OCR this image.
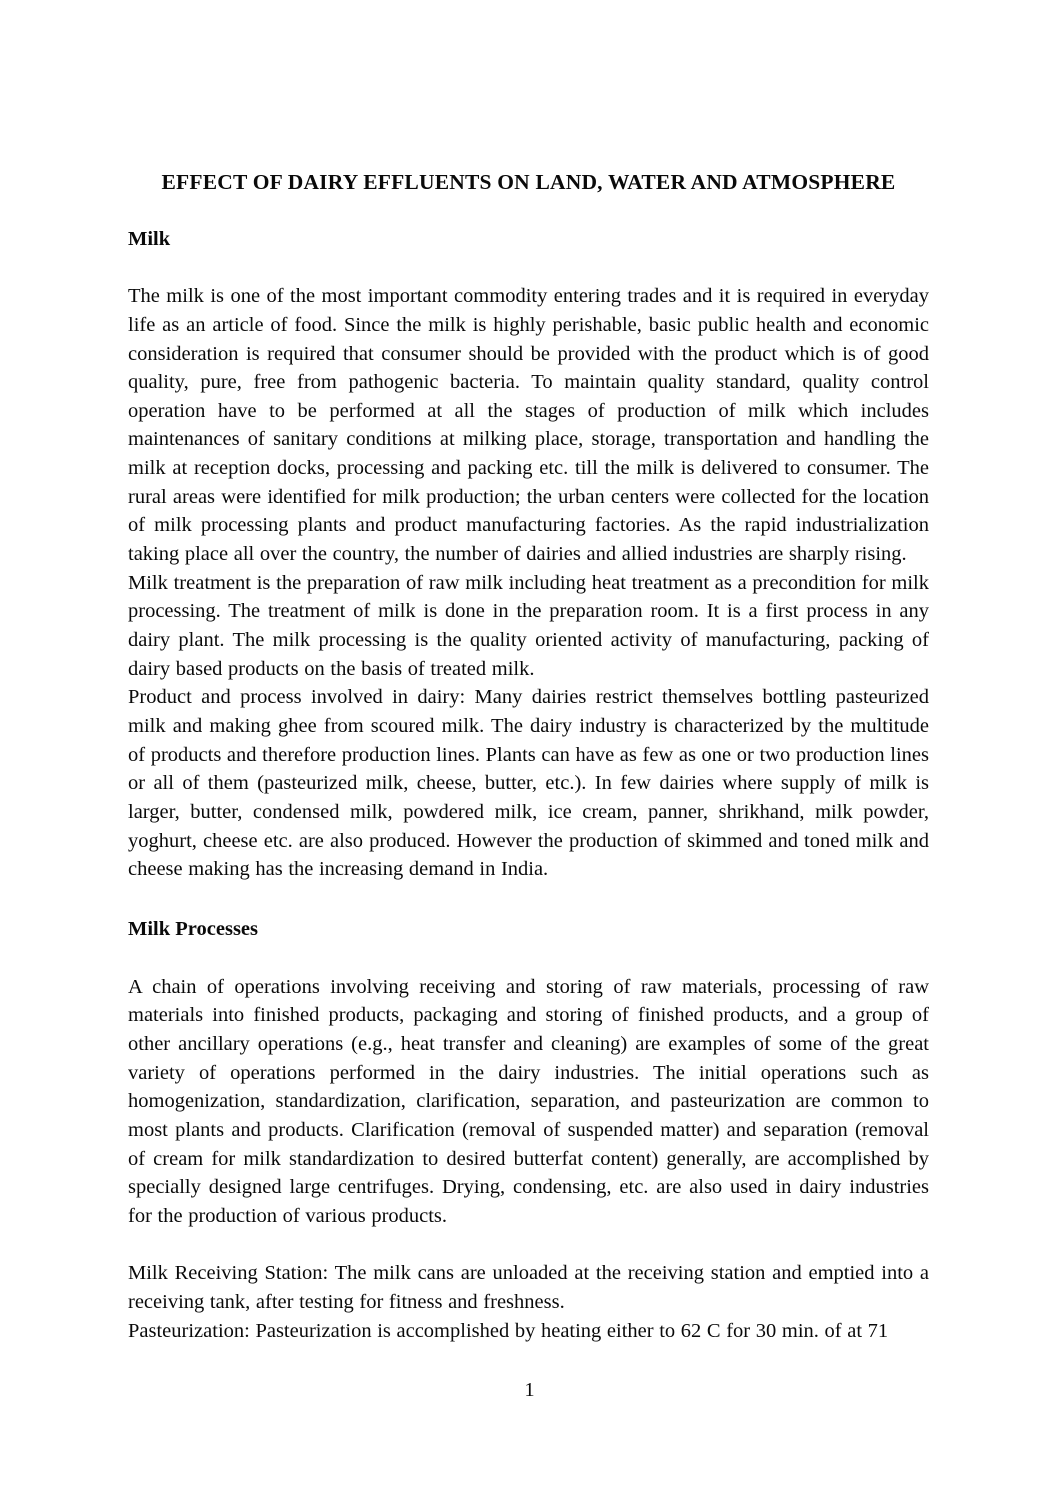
EFFECT OF DAIRY EFFLUENTS ON LAND, WATER AND ATMOSPHERE
Milk

The milk is one of the most important commodity entering trades and it is required in everyday life as an article of food. Since the milk is highly perishable, basic public health and economic consideration is required that consumer should be provided with the product which is of good quality, pure, free from pathogenic bacteria. To maintain quality standard, quality control operation have to be performed at all the stages of production of milk which includes maintenances of sanitary conditions at milking place, storage, transportation and handling the milk at reception docks, processing and packing etc. till the milk is delivered to consumer. The rural areas were identified for milk production; the urban centers were collected for the location of milk processing plants and product manufacturing factories. As the rapid industrialization taking place all over the country, the number of dairies and allied industries are sharply rising.

Milk treatment is the preparation of raw milk including heat treatment as a precondition for milk processing. The treatment of milk is done in the preparation room. It is a first process in any dairy plant. The milk processing is the quality oriented activity of manufacturing, packing of dairy based products on the basis of treated milk.

Product and process involved in dairy: Many dairies restrict themselves bottling pasteurized milk and making ghee from scoured milk. The dairy industry is characterized by the multitude of products and therefore production lines. Plants can have as few as one or two production lines or all of them (pasteurized milk, cheese, butter, etc.). In few dairies where supply of milk is larger, butter, condensed milk, powdered milk, ice cream, panner, shrikhand, milk powder, yoghurt, cheese etc. are also produced. However the production of skimmed and toned milk and cheese making has the increasing demand in India.

Milk Processes

A chain of operations involving receiving and storing of raw materials, processing of raw materials into finished products, packaging and storing of finished products, and a group of other ancillary operations (e.g., heat transfer and cleaning) are examples of some of the great variety of operations performed in the dairy industries. The initial operations such as homogenization, standardization, clarification, separation, and pasteurization are common to most plants and products. Clarification (removal of suspended matter) and separation (removal of cream for milk standardization to desired butterfat content) generally, are accomplished by specially designed large centrifuges. Drying, condensing, etc. are also used in dairy industries for the production of various products.

Milk Receiving Station: The milk cans are unloaded at the receiving station and emptied into a receiving tank, after testing for fitness and freshness.

Pasteurization: Pasteurization is accomplished by heating either to 62 C for 30 min. of at 71

1
